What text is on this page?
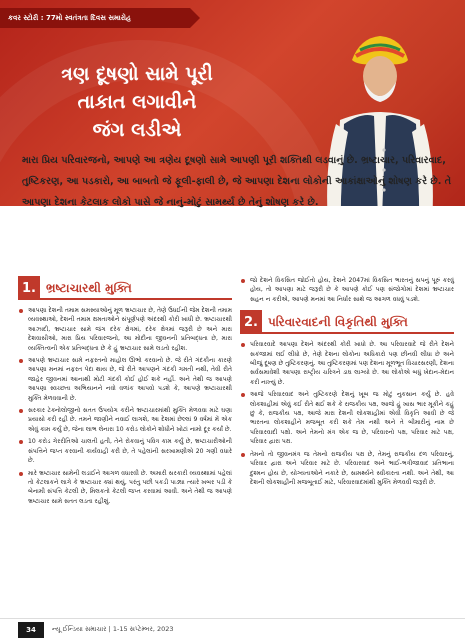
કવર સ્ટોરી : 77મો સ્વતંત્રતા દિવસ સમારોહ
ત્રણ દૂષણો સામે પૂરી
તાકાત લગાવીને
જંગ લડીએ

મારા પ્રિય પરિવારજનો, આપણે આ ત્રણેય દૂષણો સામે આપણી પૂરી શક્તિથી લડવાનું છે. ભ્રષ્ટાચાર, પરિવારવાદ, તુષ્ટિકરણ, આ પડકારો, આ બાબતો જે ફૂલી-ફાલી છે, જે આપણા દેશના લોકોની આકાંક્ષાઓનું શોષણ કરે છે. તે આપણા દેશના કેટલાક લોકો પાસે જે નાનું-મોટું સામર્થ્ય છે તેનું શોષણ કરે છે.

1. ભ્રષ્ટાચારથી મુક્તિ
આપણા દેશની તમામ સમસ્યાઓનું મૂળ ભ્રષ્ટાચાર છે, તેણે ઉધઈની જેમ દેશની તમામ વ્યવસ્થાઓ, દેશની તમામ ક્ષમતાઓને સંપૂર્ણપણે અંદરથી કોરી ખાધી છે. ભ્રષ્ટાચારથી આઝાદી, ભ્રષ્ટાચાર સામે જંગ દરેક ક્ષેત્રમાં, દરેક ક્ષેત્રમાં જરૂરી છે અને મારા દેશવાસીઓ, મારા પ્રિય પરિવારજનો, આ મોદીના જીવનની પ્રતિબદ્ધતા છે, મારા વ્યક્તિત્વની એક પ્રતિબદ્ધતા છે કે હું ભ્રષ્ટાચાર સામે લડતો રહીશ.
આપણે ભ્રષ્ટાચાર સામે નફરતનો માહોલ ઊભો કરવાનો છે. જે રીતે ગંદકીના કારણે આપણા મનમાં નફરત પેદા થાય છે, જે રીતે આપણને ગંદકી ગમતી નથી, તેવી રીતે જાહેર જીવનમાં આનાથી મોટી ગંદકી કોઈ હોઈ શકે નહીં. અને તેથી જ આપણે આપણા સ્વચ્છતા અભિયાનને નવો વળાંક આપવો પડશે કે, આપણે ભ્રષ્ટાચારથી મુક્તિ મેળવવાની છે.
સરકાર ટેક્નોલોજીનો સતત ઉપયોગ કરીને ભ્રષ્ટાચારમાંથી મુક્તિ મેળવવા માટે ઘણા પ્રયાસો કરી રહી છે. તમને જાણીને નવાઈ લાગશે, આ દેશમાં છેલ્લાં 9 વર્ષમાં મેં એક એવું કામ કર્યું છે, જેના લાભ લેનારા 10 કરોડ લોકોને શોધીને ખોટાં નામો દૂર કર્યાં છે.
10 કરોડ ગેરરીતિઓ ચાલતી હતી, તેને રોકવાનું પવિત્ર કામ કર્યું છે, ભ્રષ્ટાચારીઓની સંપત્તિને જપ્ત કરવાની કાર્યવાહી કરી છે, તે પહેલાંની સરખામણીએ 20 ગણી વધારે છે.
મારે ભ્રષ્ટાચાર સામેની લડાઈને આગળ વધારવી છે. અમારી સરકારી વ્યવસ્થામાં પહેલાં તો કેટલાકને લાગે કે ભ્રષ્ટાચાર ક્યાં થયું, પરંતુ પછી પકડી પાડ્યા ત્યારે ખબર પડી કે બેનામી સંપત્તિ કેટલી છે, મિલકતો કેટલી જપ્ત કરવામાં આવી. અને તેથી જ આપણે ભ્રષ્ટાચાર સામે સતત લડતા રહીશું.
જો દેશને વિકસિત જોઈતો હોય, દેશને 2047માં વિકસિત ભારતનું સપનું પૂરું કરવું હોય, તો આપણા માટે જરૂરી છે કે આપણે કોઈ પણ સંજોગોમાં દેશમાં ભ્રષ્ટાચાર સહન ન કરીએ, આપણે મનમાં આ નિર્ધાર સાથે જ આગળ વધવું પડશે.
2. પરિવારવાદની વિકૃતિથી મુક્તિ
પરિવારવાદે આપણા દેશને અંદરથી કોરી ખાધો છે. આ પરિવારવાદે જે રીતે દેશને સકંજામાં લઈ લીધો છે, તેણે દેશના લોકોના અધિકારો પણ છીનવી લીધા છે અને બીજું દૂષણ છે તુષ્ટિકરણનું. આ તુષ્ટિકરણમાં પણ દેશના મૂળભૂત વિચારસરણી, દેશના સર્વસમાવેશી આપણા રાષ્ટ્રીય ચરિત્રને ડાઘ લાગ્યો છે. આ લોકોએ બધું ખેદાન-મેદાન કરી નાખ્યું છે.
આજે પરિવારવાદ અને તુષ્ટિકરણે દેશનું ખૂબ જ મોટું નુકસાન કર્યું છે. હવે લોકશાહીમાં એવું કઈ રીતે થઈ શકે કે રાજકીય પક્ષ, આજે હું ખાસ ભાર મૂકીને કહું છું કે, રાજકીય પક્ષ, આજે મારા દેશની લોકશાહીમાં એવી વિકૃતિ આવી છે જે ભારતના લોકશાહીને મજબૂત કરી શકે તેમ નથી અને તે બીમારીનું નામ છે પરિવારવાદી પક્ષો. અને તેમનો મંત્ર એક જ છે, પરિવારનો પક્ષ, પરિવાર માટે પક્ષ, પરિવાર દ્વારા પક્ષ.
તેમનો તો જીવનમંત્ર જ તેમનો રાજકીય પક્ષ છે, તેમનું રાજકીય દળ પરિવારનું, પરિવાર દ્વારા અને પરિવાર માટે છે. પરિવારવાદ અને ભાઈ-ભત્રીજાવાદ પ્રતિભાના દુશ્મન હોય છે, યોગ્યતાઓને નકારે છે, સામર્થ્યને સ્વીકારતા નથી. અને તેથી, આ દેશની લોકશાહીની મજબૂતાઈ માટે, પરિવારવાદમાંથી મુક્તિ મેળવવી જરૂરી છે.
34	ન્યૂ ઈન્ડિયા સમાચાર | 1-15 સપ્ટેમ્બર, 2023
